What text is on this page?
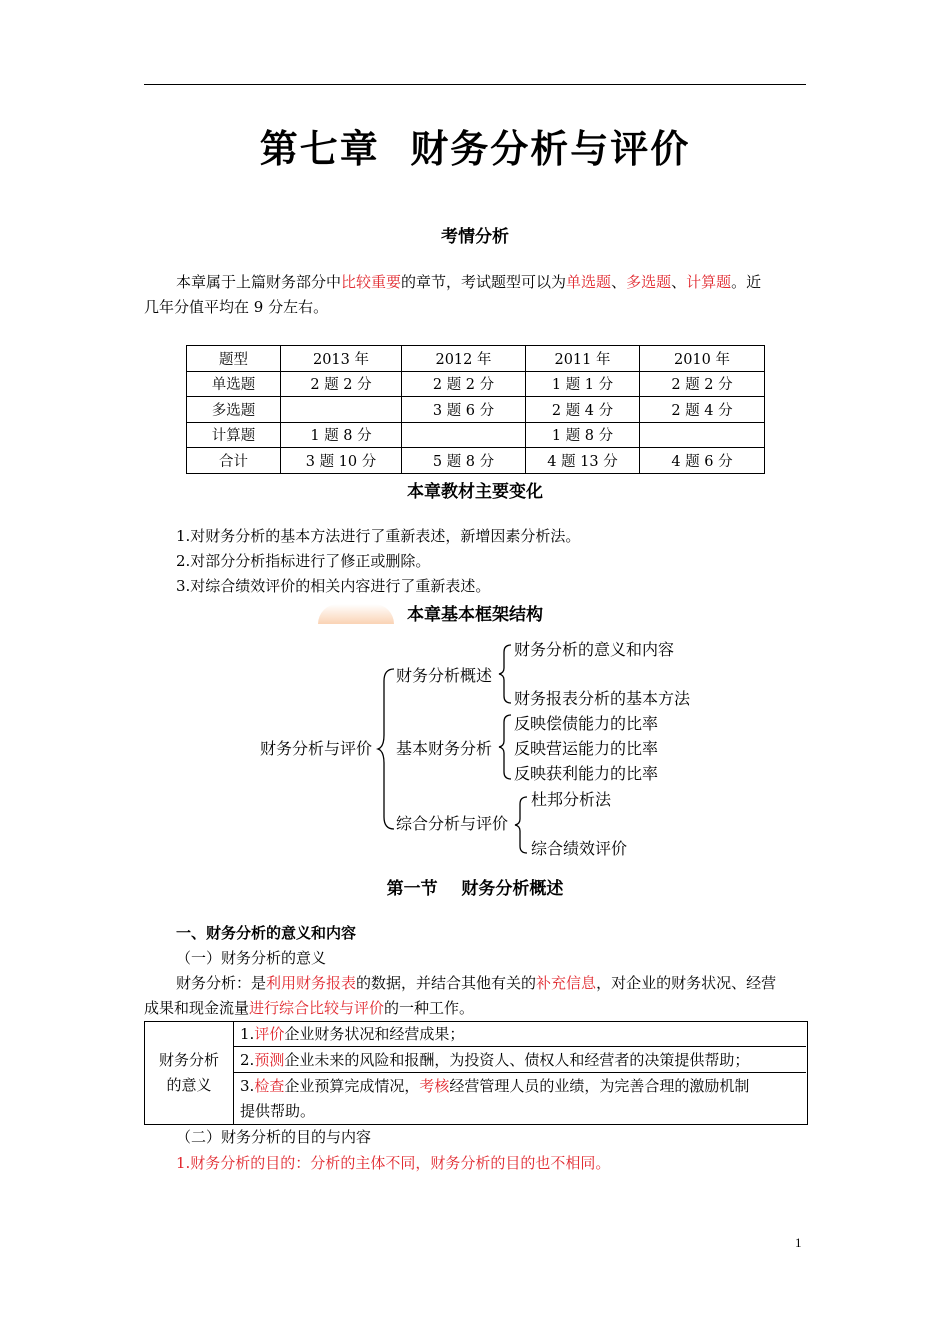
第七章  财务分析与评价
考情分析
本章属于上篇财务部分中比较重要的章节，考试题型可以为单选题、多选题、计算题。近
几年分值平均在 9 分左右。
题型	2013 年	2012 年	2011 年	2010 年
单选题	2 题 2 分	2 题 2 分	1 题 1 分	2 题 2 分
多选题		3 题 6 分	2 题 4 分	2 题 4 分
计算题	1 题 8 分		1 题 8 分	
合计	3 题 10 分	5 题 8 分	4 题 13 分	4 题 6 分
本章教材主要变化
1.对财务分析的基本方法进行了重新表述，新增因素分析法。
2.对部分分析指标进行了修正或删除。
3.对综合绩效评价的相关内容进行了重新表述。
本章基本框架结构
财务分析与评价
财务分析概述
财务分析的意义和内容
财务报表分析的基本方法
基本财务分析
反映偿债能力的比率
反映营运能力的比率
反映获利能力的比率
综合分析与评价
杜邦分析法
综合绩效评价
第一节    财务分析概述
一、财务分析的意义和内容
（一）财务分析的意义
财务分析：是利用财务报表的数据，并结合其他有关的补充信息，对企业的财务状况、经营
成果和现金流量进行综合比较与评价的一种工作。
财务分析的意义
1.评价企业财务状况和经营成果；
2.预测企业未来的风险和报酬，为投资人、债权人和经营者的决策提供帮助；
3.检查企业预算完成情况，考核经营管理人员的业绩，为完善合理的激励机制
提供帮助。
（二）财务分析的目的与内容
1.财务分析的目的：分析的主体不同，财务分析的目的也不相同。
1
